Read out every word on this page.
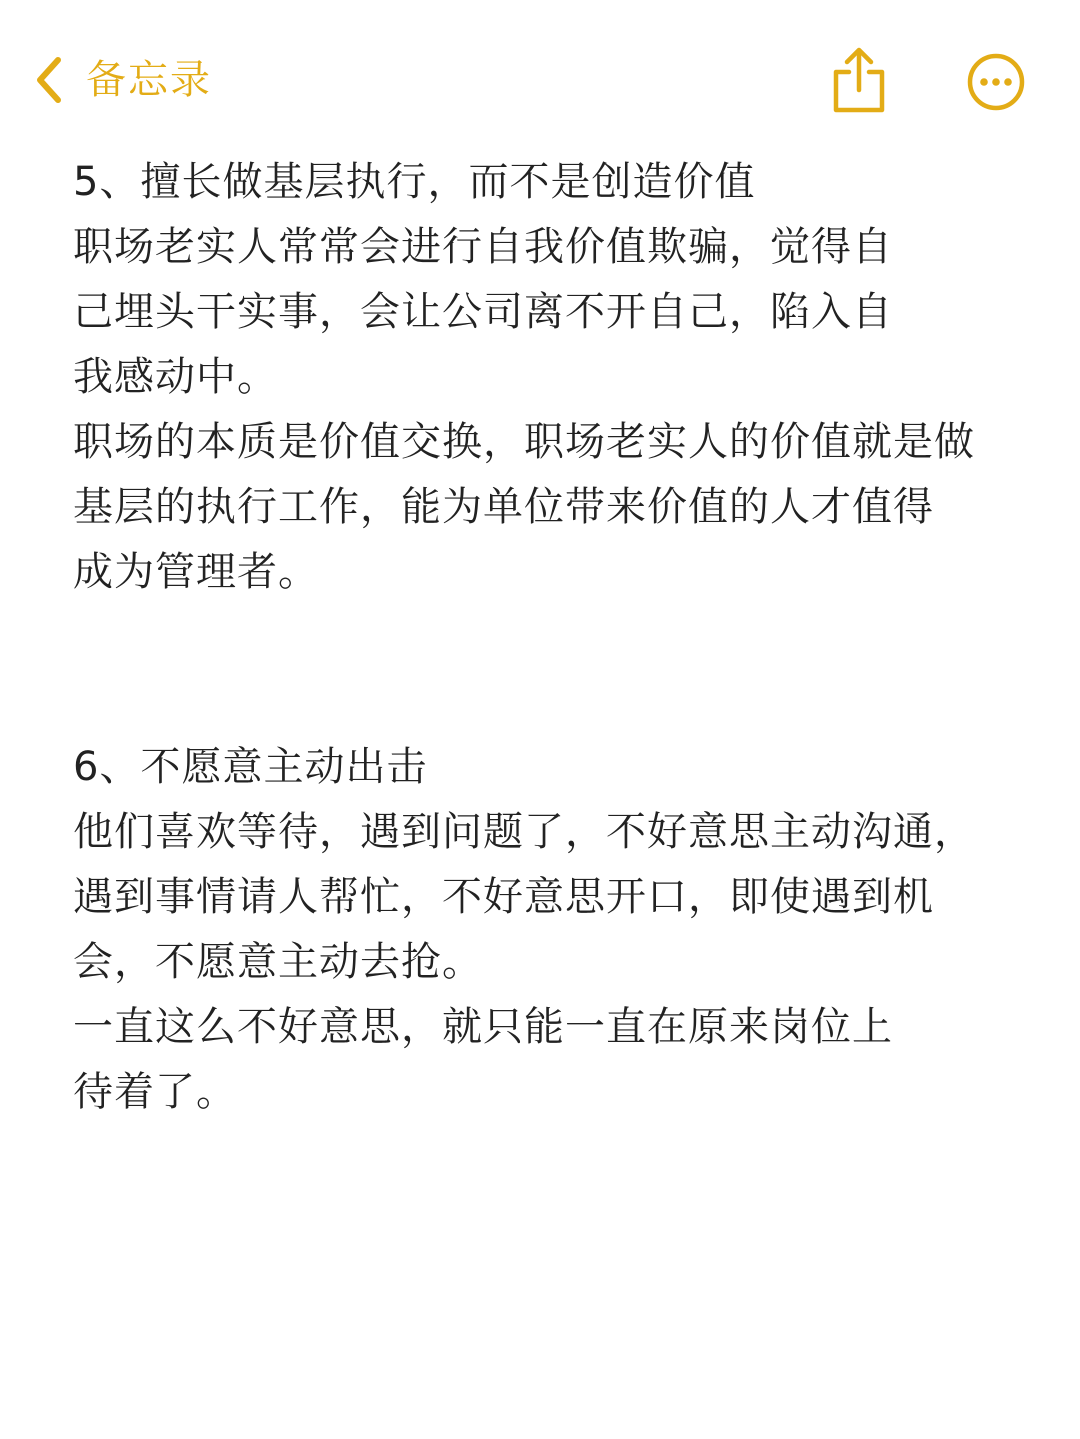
备忘录
5、擅长做基层执行，而不是创造价值
职场老实人常常会进行自我价值欺骗，觉得自
己埋头干实事，会让公司离不开自己，陷入自
我感动中。
职场的本质是价值交换，职场老实人的价值就是做
基层的执行工作，能为单位带来价值的人才值得
成为管理者。
6、不愿意主动出击
他们喜欢等待，遇到问题了，不好意思主动沟通，
遇到事情请人帮忙，不好意思开口，即使遇到机
会，不愿意主动去抢。
一直这么不好意思，就只能一直在原来岗位上
待着了。
